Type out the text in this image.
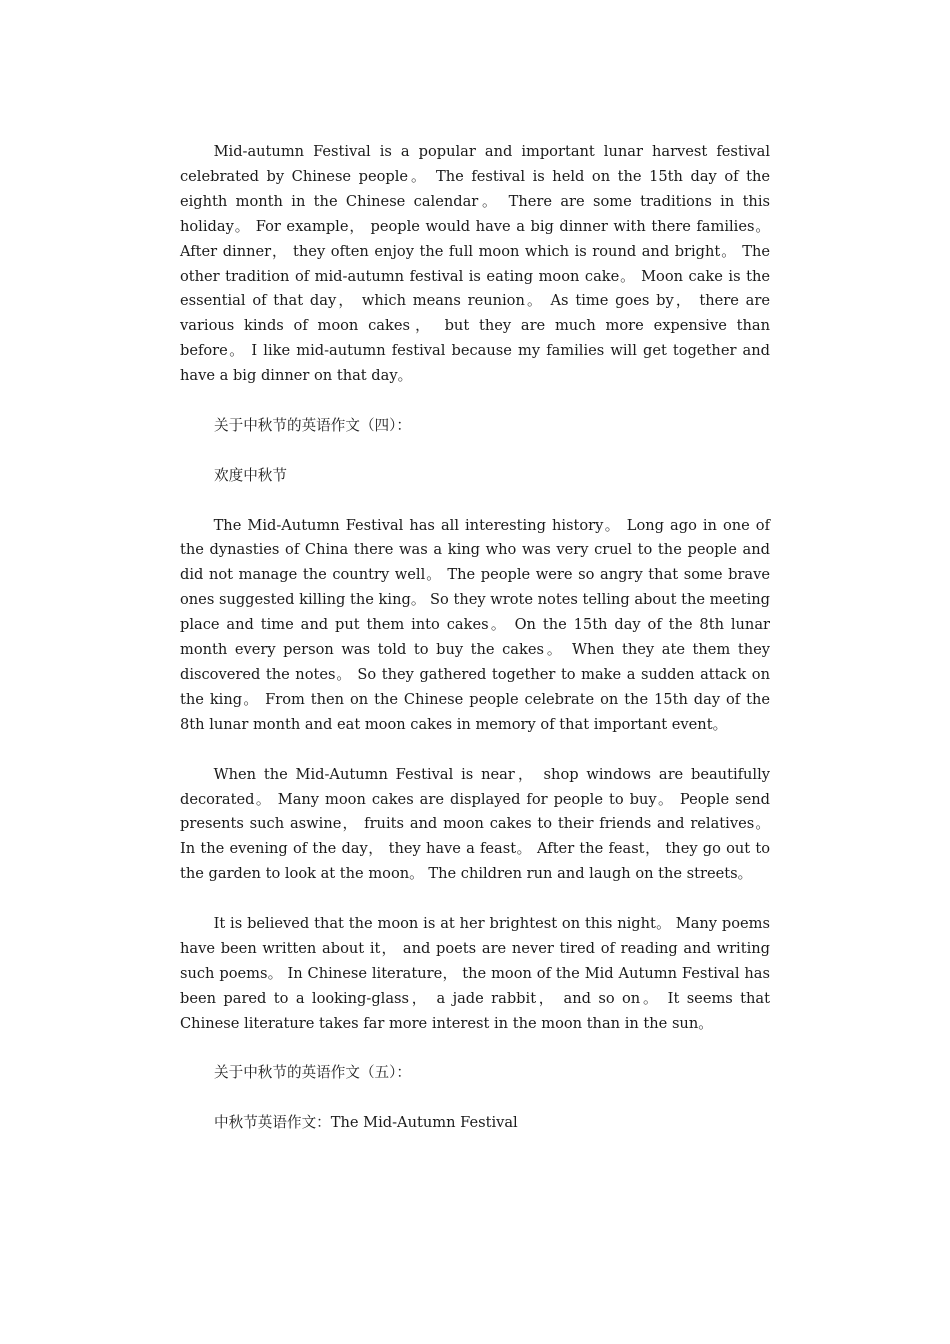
Mid-autumn Festival is a popular and important lunar harvest festival celebrated by Chinese people。 The festival is held on the 15th day of the eighth month in the Chinese calendar。 There are some traditions in this holiday。 For example， people would have a big dinner with there families。 After dinner， they often enjoy the full moon which is round and bright。 The other tradition of mid-autumn festival is eating moon cake。 Moon cake is the essential of that day， which means reunion。 As time goes by， there are various kinds of moon cakes， but they are much more expensive than before。 I like mid-autumn festival because my families will get together and have a big dinner on that day。

关于中秋节的英语作文（四）：
欢度中秋节

The Mid-Autumn Festival has all interesting history。 Long ago in one of the dynasties of China there was a king who was very cruel to the people and did not manage the country well。 The people were so angry that some brave ones suggested killing the king。 So they wrote notes telling about the meeting place and time and put them into cakes。 On the 15th day of the 8th lunar month every person was told to buy the cakes。 When they ate them they discovered the notes。 So they gathered together to make a sudden attack on the king。 From then on the Chinese people celebrate on the 15th day of the 8th lunar month and eat moon cakes in memory of that important event。

When the Mid-Autumn Festival is near， shop windows are beautifully decorated。 Many moon cakes are displayed for people to buy。 People send presents such aswine， fruits and moon cakes to their friends and relatives。 In the evening of the day， they have a feast。 After the feast， they go out to the garden to look at the moon。 The children run and laugh on the streets。

It is believed that the moon is at her brightest on this night。 Many poems have been written about it， and poets are never tired of reading and writing such poems。 In Chinese literature， the moon of the Mid Autumn Festival has been pared to a looking-glass， a jade rabbit， and so on。 It seems that Chinese literature takes far more interest in the moon than in the sun。

关于中秋节的英语作文（五）：
中秋节英语作文：The Mid-Autumn Festival
